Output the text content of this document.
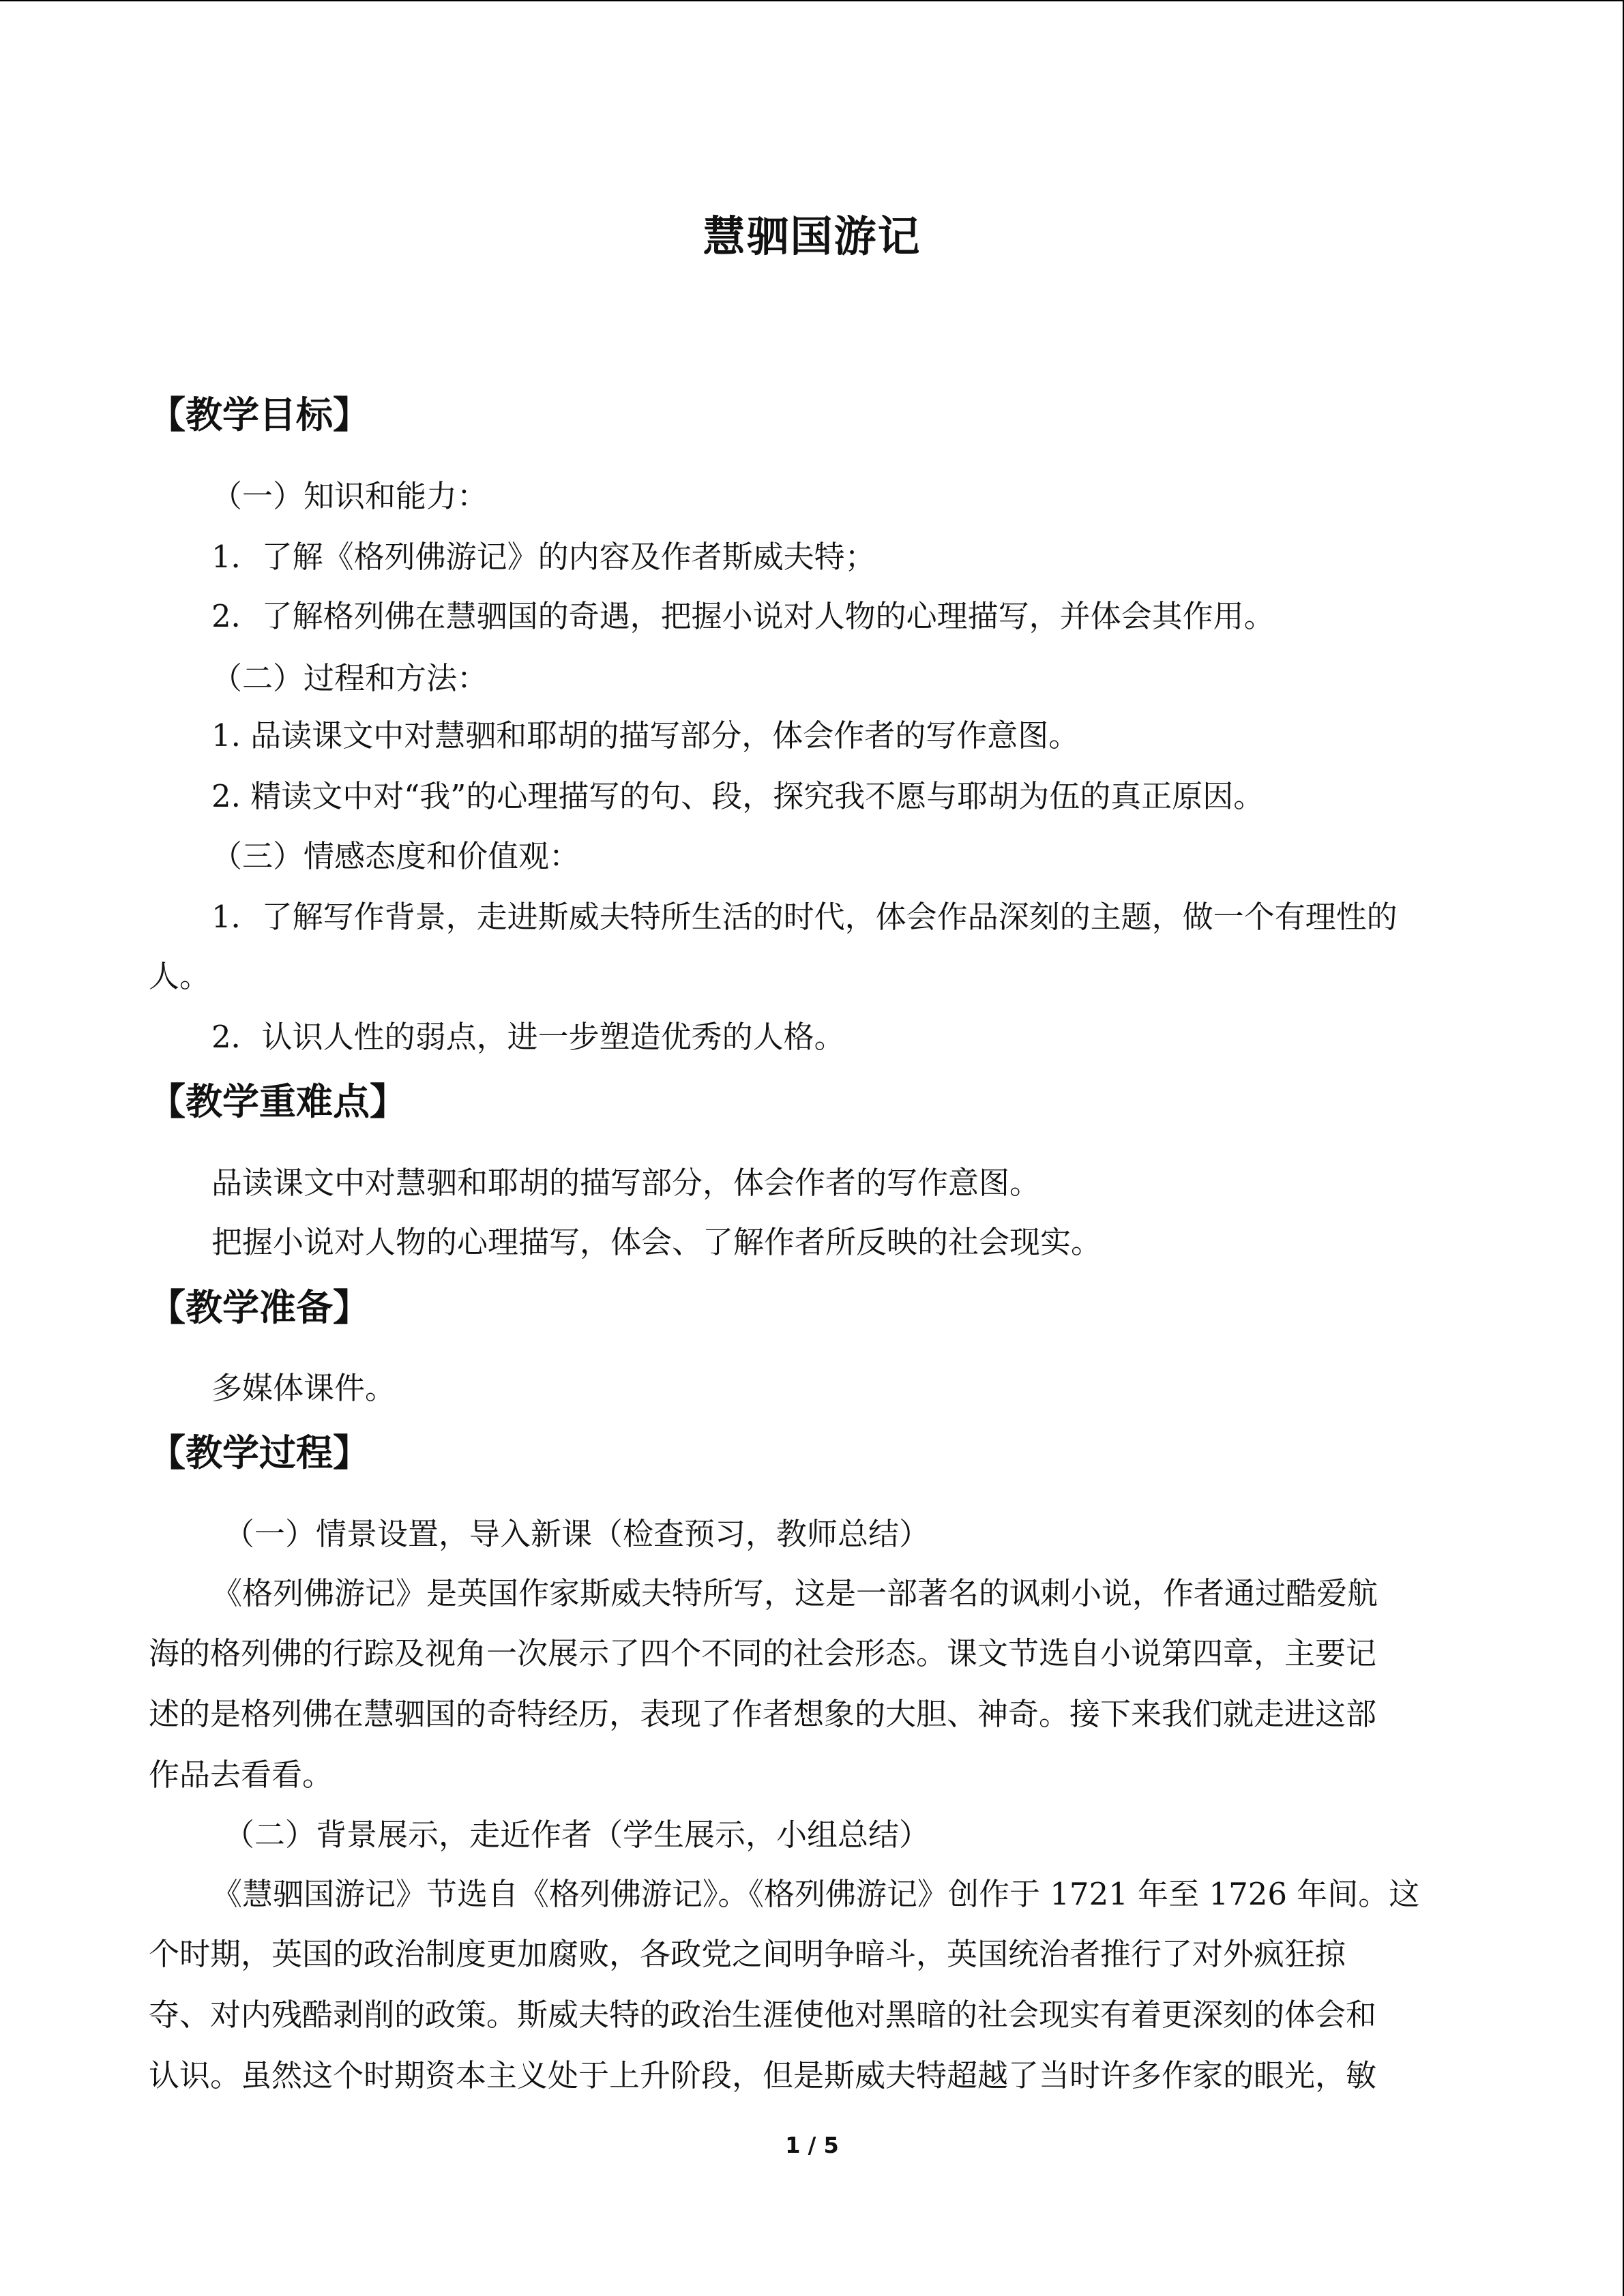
慧驷国游记
【教学目标】

（一）知识和能力：

1．了解《格列佛游记》的内容及作者斯威夫特；

2．了解格列佛在慧驷国的奇遇，把握小说对人物的心理描写，并体会其作用。

（二）过程和方法：

1. 品读课文中对慧驷和耶胡的描写部分，体会作者的写作意图。

2. 精读文中对“我”的心理描写的句、段，探究我不愿与耶胡为伍的真正原因。

（三）情感态度和价值观：

1．了解写作背景，走进斯威夫特所生活的时代，体会作品深刻的主题，做一个有理性的

人。

2．认识人性的弱点，进一步塑造优秀的人格。

【教学重难点】

品读课文中对慧驷和耶胡的描写部分，体会作者的写作意图。

把握小说对人物的心理描写，体会、了解作者所反映的社会现实。

【教学准备】

多媒体课件。

【教学过程】

（一）情景设置，导入新课（检查预习，教师总结）

《格列佛游记》是英国作家斯威夫特所写，这是一部著名的讽刺小说，作者通过酷爱航

海的格列佛的行踪及视角一次展示了四个不同的社会形态。课文节选自小说第四章，主要记

述的是格列佛在慧驷国的奇特经历，表现了作者想象的大胆、神奇。接下来我们就走进这部

作品去看看。

（二）背景展示，走近作者（学生展示，小组总结）

《慧驷国游记》节选自《格列佛游记》。《格列佛游记》创作于 1721 年至 1726 年间。这

个时期，英国的政治制度更加腐败，各政党之间明争暗斗，英国统治者推行了对外疯狂掠

夺、对内残酷剥削的政策。斯威夫特的政治生涯使他对黑暗的社会现实有着更深刻的体会和

认识。虽然这个时期资本主义处于上升阶段，但是斯威夫特超越了当时许多作家的眼光，敏

1 / 5
